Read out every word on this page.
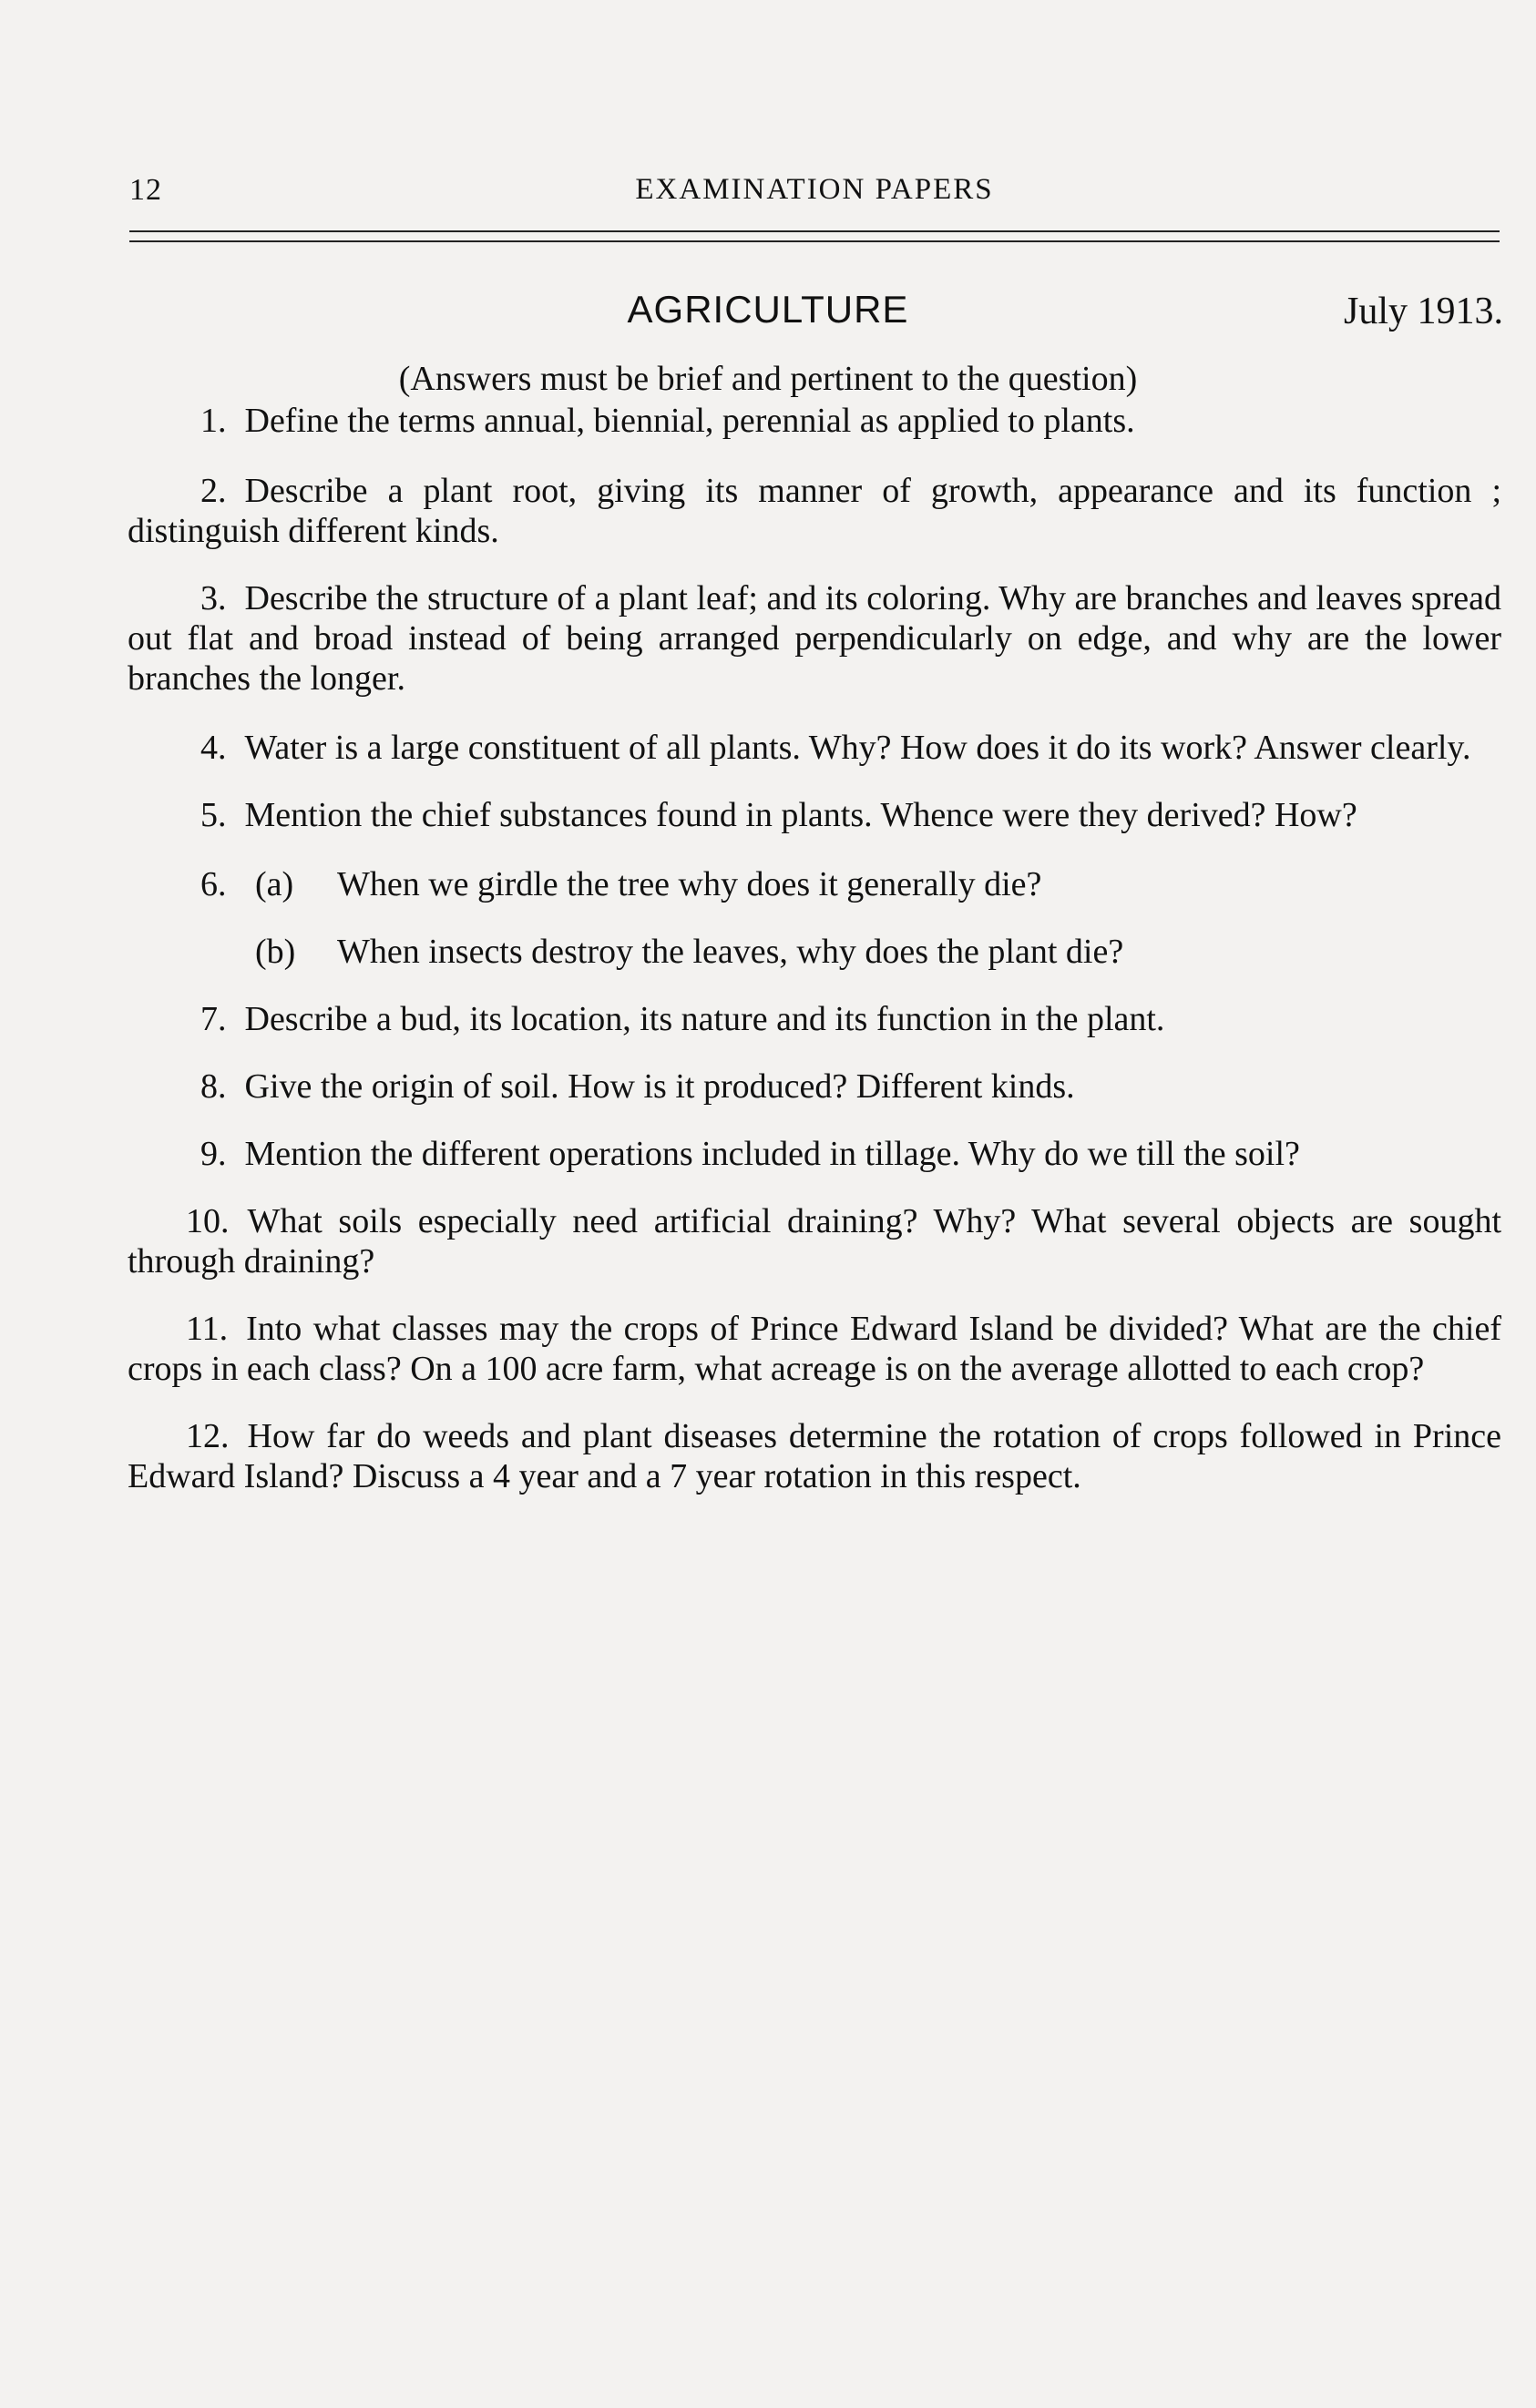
12	EXAMINATION PAPERS
AGRICULTURE	July 1913.
(Answers must be brief and pertinent to the question)

1. Define the terms annual, biennial, perennial as applied to plants.

2. Describe a plant root, giving its manner of growth, appearance and its function ; distinguish different kinds.

3. Describe the structure of a plant leaf; and its coloring. Why are branches and leaves spread out flat and broad instead of being arranged perpendicularly on edge, and why are the lower branches the longer.

4. Water is a large constituent of all plants. Why? How does it do its work? Answer clearly.

5. Mention the chief substances found in plants. Whence were they derived? How?

6. (a) When we girdle the tree why does it generally die?

(b) When insects destroy the leaves, why does the plant die?

7. Describe a bud, its location, its nature and its function in the plant.

8. Give the origin of soil. How is it produced? Different kinds.

9. Mention the different operations included in tillage. Why do we till the soil?

10. What soils especially need artificial draining? Why? What several objects are sought through draining?

11. Into what classes may the crops of Prince Edward Island be divided? What are the chief crops in each class? On a 100 acre farm, what acreage is on the average allotted to each crop?

12. How far do weeds and plant diseases determine the rotation of crops followed in Prince Edward Island? Discuss a 4 year and a 7 year rotation in this respect.
